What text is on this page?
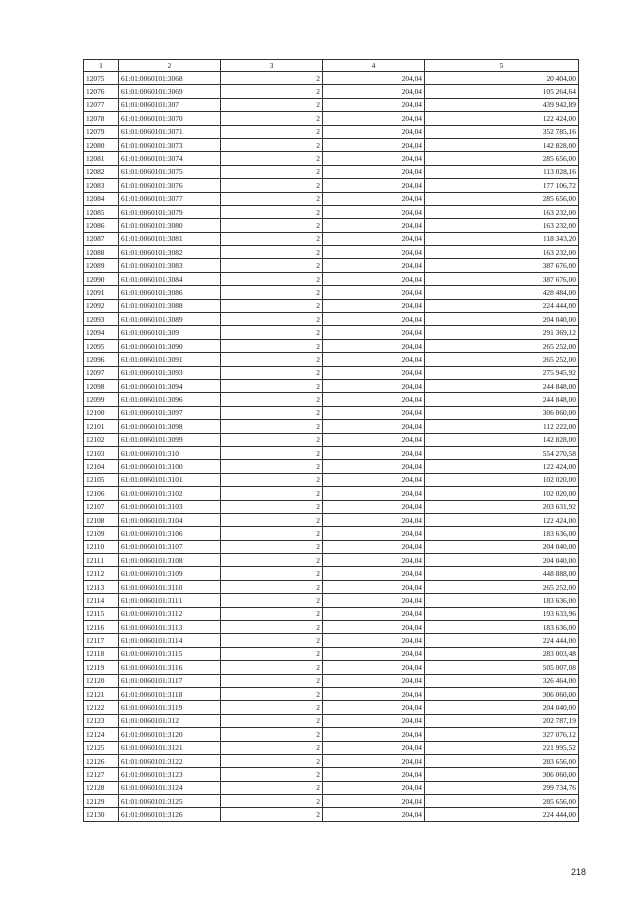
1	2	3	4	5
12075	61:01:0060101:3068	2	204,04	20 404,00
12076	61:01:0060101:3069	2	204,04	105 264,64
12077	61:01:0060101:307	2	204,04	439 942,89
12078	61:01:0060101:3070	2	204,04	122 424,00
12079	61:01:0060101:3071	2	204,04	352 785,16
12080	61:01:0060101:3073	2	204,04	142 828,00
12081	61:01:0060101:3074	2	204,04	285 656,00
12082	61:01:0060101:3075	2	204,04	113 028,16
12083	61:01:0060101:3076	2	204,04	177 106,72
12084	61:01:0060101:3077	2	204,04	285 656,00
12085	61:01:0060101:3079	2	204,04	163 232,00
12086	61:01:0060101:3080	2	204,04	163 232,00
12087	61:01:0060101:3081	2	204,04	118 343,20
12088	61:01:0060101:3082	2	204,04	163 232,00
12089	61:01:0060101:3083	2	204,04	387 676,00
12090	61:01:0060101:3084	2	204,04	387 676,00
12091	61:01:0060101:3086	2	204,04	428 484,00
12092	61:01:0060101:3088	2	204,04	224 444,00
12093	61:01:0060101:3089	2	204,04	204 040,00
12094	61:01:0060101:309	2	204,04	291 369,12
12095	61:01:0060101:3090	2	204,04	265 252,00
12096	61:01:0060101:3091	2	204,04	265 252,00
12097	61:01:0060101:3093	2	204,04	275 945,92
12098	61:01:0060101:3094	2	204,04	244 848,00
12099	61:01:0060101:3096	2	204,04	244 848,00
12100	61:01:0060101:3097	2	204,04	306 060,00
12101	61:01:0060101:3098	2	204,04	112 222,00
12102	61:01:0060101:3099	2	204,04	142 828,00
12103	61:01:0060101:310	2	204,04	554 270,58
12104	61:01:0060101:3100	2	204,04	122 424,00
12105	61:01:0060101:3101	2	204,04	102 020,00
12106	61:01:0060101:3102	2	204,04	102 020,00
12107	61:01:0060101:3103	2	204,04	203 631,92
12108	61:01:0060101:3104	2	204,04	122 424,00
12109	61:01:0060101:3106	2	204,04	183 636,00
12110	61:01:0060101:3107	2	204,04	204 040,00
12111	61:01:0060101:3108	2	204,04	204 040,00
12112	61:01:0060101:3109	2	204,04	448 888,00
12113	61:01:0060101:3110	2	204,04	265 252,00
12114	61:01:0060101:3111	2	204,04	183 636,00
12115	61:01:0060101:3112	2	204,04	193 633,96
12116	61:01:0060101:3113	2	204,04	183 636,00
12117	61:01:0060101:3114	2	204,04	224 444,00
12118	61:01:0060101:3115	2	204,04	283 003,48
12119	61:01:0060101:3116	2	204,04	505 007,08
12120	61:01:0060101:3117	2	204,04	326 464,00
12121	61:01:0060101:3118	2	204,04	306 060,00
12122	61:01:0060101:3119	2	204,04	204 040,00
12123	61:01:0060101:312	2	204,04	202 787,19
12124	61:01:0060101:3120	2	204,04	327 076,12
12125	61:01:0060101:3121	2	204,04	221 995,52
12126	61:01:0060101:3122	2	204,04	283 656,00
12127	61:01:0060101:3123	2	204,04	306 060,00
12128	61:01:0060101:3124	2	204,04	299 734,76
12129	61:01:0060101:3125	2	204,04	285 656,00
12130	61:01:0060101:3126	2	204,04	224 444,00
218
